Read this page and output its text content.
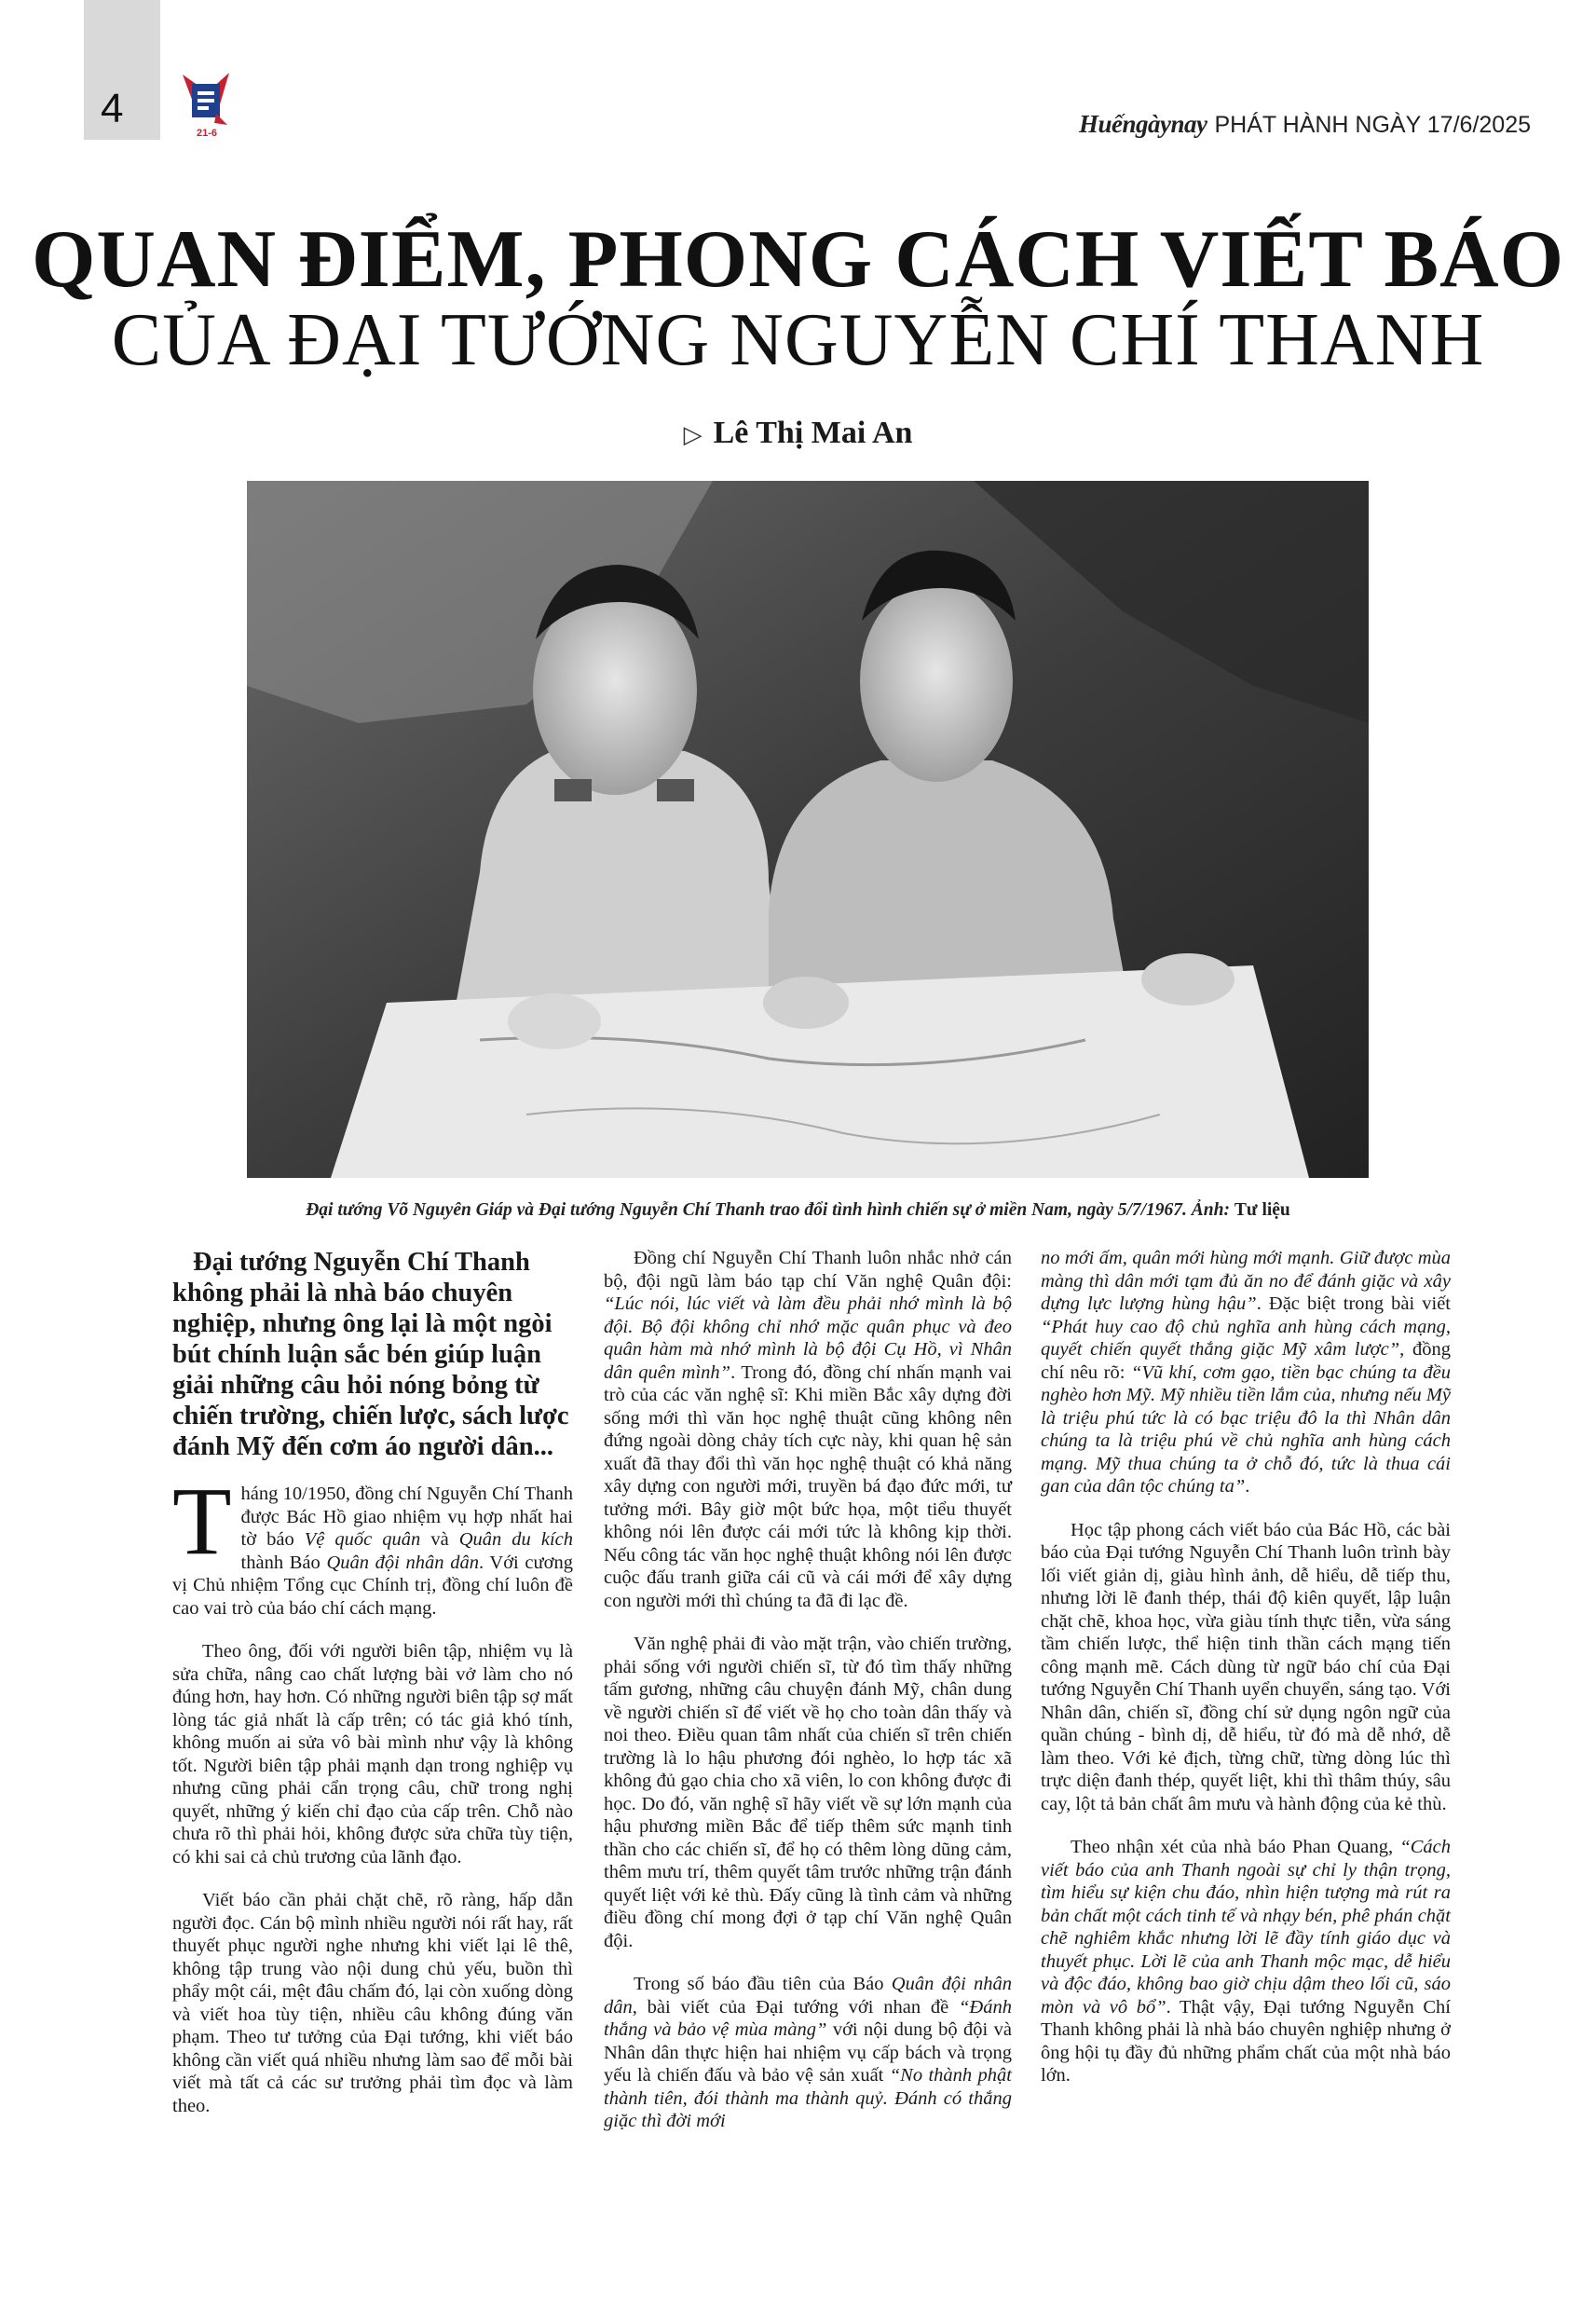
4
21-6	Huếngàynay PHÁT HÀNH NGÀY 17/6/2025
QUAN ĐIỂM, PHONG CÁCH VIẾT BÁO
CỦA ĐẠI TƯỚNG NGUYỄN CHÍ THANH
▷ Lê Thị Mai An
Đại tướng Võ Nguyên Giáp và Đại tướng Nguyễn Chí Thanh trao đổi tình hình chiến sự ở miền Nam, ngày 5/7/1967. Ảnh: Tư liệu

Đại tướng Nguyễn Chí Thanh không phải là nhà báo chuyên nghiệp, nhưng ông lại là một ngòi bút chính luận sắc bén giúp luận giải những câu hỏi nóng bỏng từ chiến trường, chiến lược, sách lược đánh Mỹ đến cơm áo người dân...

Tháng 10/1950, đồng chí Nguyễn Chí Thanh được Bác Hồ giao nhiệm vụ hợp nhất hai tờ báo Vệ quốc quân và Quân du kích thành Báo Quân đội nhân dân. Với cương vị Chủ nhiệm Tổng cục Chính trị, đồng chí luôn đề cao vai trò của báo chí cách mạng.

Theo ông, đối với người biên tập, nhiệm vụ là sửa chữa, nâng cao chất lượng bài vở làm cho nó đúng hơn, hay hơn. Có những người biên tập sợ mất lòng tác giả nhất là cấp trên; có tác giả khó tính, không muốn ai sửa vô bài mình như vậy là không tốt. Người biên tập phải mạnh dạn trong nghiệp vụ nhưng cũng phải cẩn trọng câu, chữ trong nghị quyết, những ý kiến chỉ đạo của cấp trên. Chỗ nào chưa rõ thì phải hỏi, không được sửa chữa tùy tiện, có khi sai cả chủ trương của lãnh đạo.

Viết báo cần phải chặt chẽ, rõ ràng, hấp dẫn người đọc. Cán bộ mình nhiều người nói rất hay, rất thuyết phục người nghe nhưng khi viết lại lê thê, không tập trung vào nội dung chủ yếu, buồn thì phẩy một cái, mệt đâu chấm đó, lại còn xuống dòng và viết hoa tùy tiện, nhiều câu không đúng văn phạm. Theo tư tưởng của Đại tướng, khi viết báo không cần viết quá nhiều nhưng làm sao để mỗi bài viết mà tất cả các sư trưởng phải tìm đọc và làm theo.

Đồng chí Nguyễn Chí Thanh luôn nhắc nhở cán bộ, đội ngũ làm báo tạp chí Văn nghệ Quân đội: “Lúc nói, lúc viết và làm đều phải nhớ mình là bộ đội. Bộ đội không chỉ nhớ mặc quân phục và đeo quân hàm mà nhớ mình là bộ đội Cụ Hồ, vì Nhân dân quên mình”. Trong đó, đồng chí nhấn mạnh vai trò của các văn nghệ sĩ: Khi miền Bắc xây dựng đời sống mới thì văn học nghệ thuật cũng không nên đứng ngoài dòng chảy tích cực này, khi quan hệ sản xuất đã thay đổi thì văn học nghệ thuật có khả năng xây dựng con người mới, truyền bá đạo đức mới, tư tưởng mới. Bây giờ một bức họa, một tiểu thuyết không nói lên được cái mới tức là không kịp thời. Nếu công tác văn học nghệ thuật không nói lên được cuộc đấu tranh giữa cái cũ và cái mới để xây dựng con người mới thì chúng ta đã đi lạc đề.

Văn nghệ phải đi vào mặt trận, vào chiến trường, phải sống với người chiến sĩ, từ đó tìm thấy những tấm gương, những câu chuyện đánh Mỹ, chân dung về người chiến sĩ để viết về họ cho toàn dân thấy và noi theo. Điều quan tâm nhất của chiến sĩ trên chiến trường là lo hậu phương đói nghèo, lo hợp tác xã không đủ gạo chia cho xã viên, lo con không được đi học. Do đó, văn nghệ sĩ hãy viết về sự lớn mạnh của hậu phương miền Bắc để tiếp thêm sức mạnh tinh thần cho các chiến sĩ, để họ có thêm lòng dũng cảm, thêm mưu trí, thêm quyết tâm trước những trận đánh quyết liệt với kẻ thù. Đấy cũng là tình cảm và những điều đồng chí mong đợi ở tạp chí Văn nghệ Quân đội.

Trong số báo đầu tiên của Báo Quân đội nhân dân, bài viết của Đại tướng với nhan đề “Đánh thắng và bảo vệ mùa màng” với nội dung bộ đội và Nhân dân thực hiện hai nhiệm vụ cấp bách và trọng yếu là chiến đấu và bảo vệ sản xuất “No thành phật thành tiên, đói thành ma thành quỷ. Đánh có thắng giặc thì đời mới

no mới ấm, quân mới hùng mới mạnh. Giữ được mùa màng thì dân mới tạm đủ ăn no để đánh giặc và xây dựng lực lượng hùng hậu”. Đặc biệt trong bài viết “Phát huy cao độ chủ nghĩa anh hùng cách mạng, quyết chiến quyết thắng giặc Mỹ xâm lược”, đồng chí nêu rõ: “Vũ khí, cơm gạo, tiền bạc chúng ta đều nghèo hơn Mỹ. Mỹ nhiều tiền lắm của, nhưng nếu Mỹ là triệu phú tức là có bạc triệu đô la thì Nhân dân chúng ta là triệu phú về chủ nghĩa anh hùng cách mạng. Mỹ thua chúng ta ở chỗ đó, tức là thua cái gan của dân tộc chúng ta”.

Học tập phong cách viết báo của Bác Hồ, các bài báo của Đại tướng Nguyễn Chí Thanh luôn trình bày lối viết giản dị, giàu hình ảnh, dễ hiểu, dễ tiếp thu, nhưng lời lẽ đanh thép, thái độ kiên quyết, lập luận chặt chẽ, khoa học, vừa giàu tính thực tiễn, vừa sáng tầm chiến lược, thể hiện tinh thần cách mạng tiến công mạnh mẽ. Cách dùng từ ngữ báo chí của Đại tướng Nguyễn Chí Thanh uyển chuyển, sáng tạo. Với Nhân dân, chiến sĩ, đồng chí sử dụng ngôn ngữ của quần chúng - bình dị, dễ hiểu, từ đó mà dễ nhớ, dễ làm theo. Với kẻ địch, từng chữ, từng dòng lúc thì trực diện đanh thép, quyết liệt, khi thì thâm thúy, sâu cay, lột tả bản chất âm mưu và hành động của kẻ thù.

Theo nhận xét của nhà báo Phan Quang, “Cách viết báo của anh Thanh ngoài sự chỉ ly thận trọng, tìm hiểu sự kiện chu đáo, nhìn hiện tượng mà rút ra bản chất một cách tinh tế và nhạy bén, phê phán chặt chẽ nghiêm khắc nhưng lời lẽ đầy tính giáo dục và thuyết phục. Lời lẽ của anh Thanh mộc mạc, dễ hiểu và độc đáo, không bao giờ chịu dậm theo lối cũ, sáo mòn và vô bổ”. Thật vậy, Đại tướng Nguyễn Chí Thanh không phải là nhà báo chuyên nghiệp nhưng ở ông hội tụ đầy đủ những phẩm chất của một nhà báo lớn.
